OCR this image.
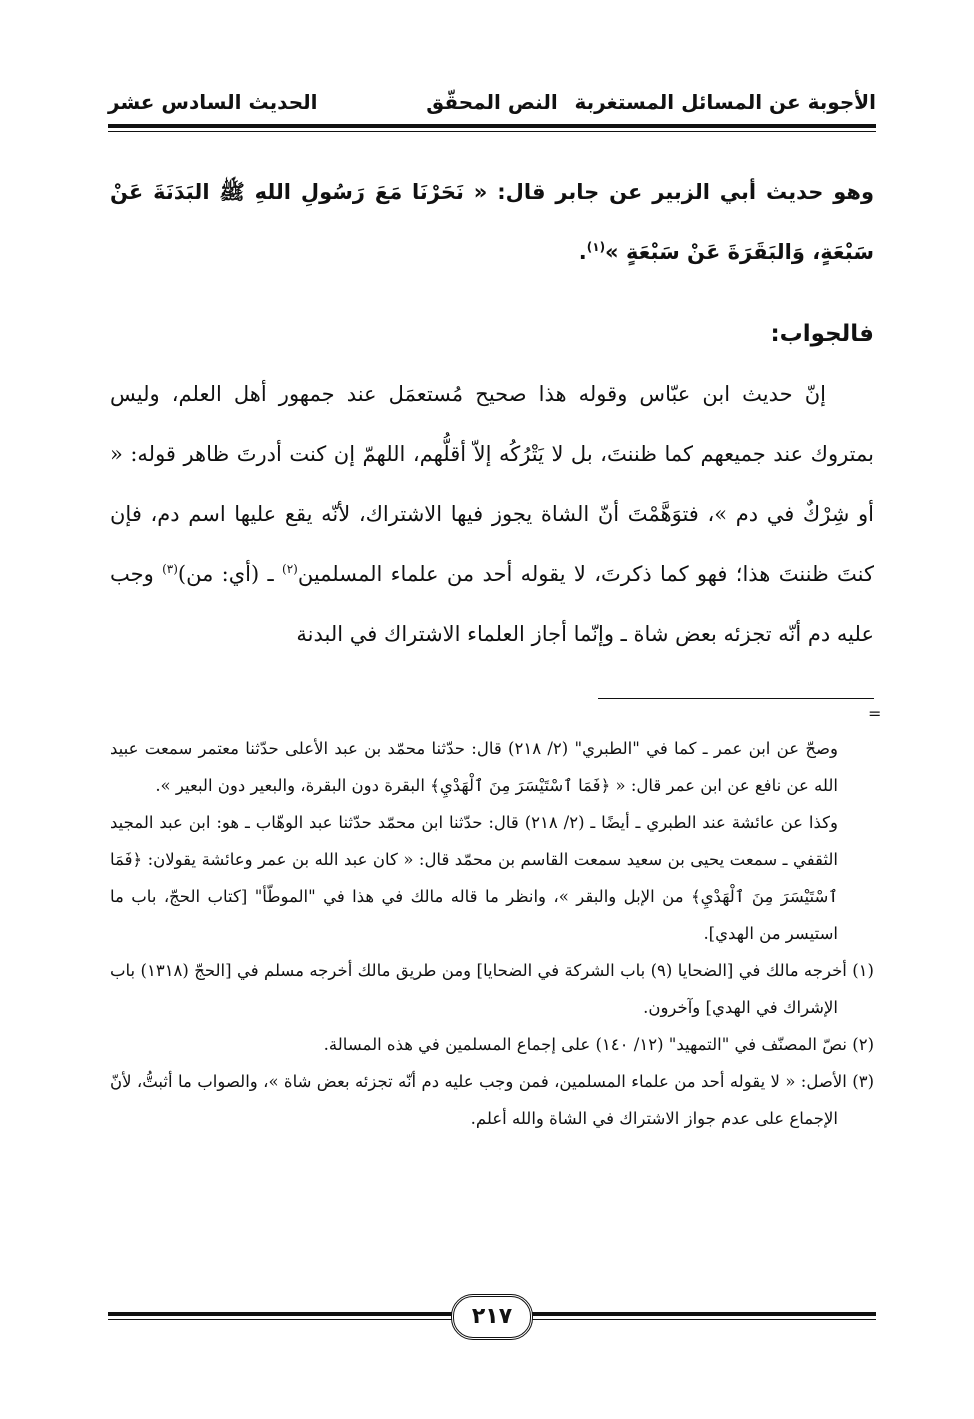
الأجوبة عن المسائل المستغربة
النص المحقّق
الحديث السادس عشر

وهو حديث أبي الزبير عن جابر قال: « نَحَرْنَا مَعَ رَسُولِ اللهِ ﷺ البَدَنَةَ عَنْ سَبْعَةٍ، وَالبَقَرَةَ عَنْ سَبْعَةٍ »$^{(١)}$.

فالجواب:

إنّ حديث ابن عبّاس وقوله هذا صحيح مُستعمَل عند جمهور أهل العلم، وليس بمتروك عند جميعهم كما ظننتَ، بل لا يَتْرُكُه إلاّ أقلُّهم، اللهمّ إن كنت أدرتَ ظاهر قوله: « أو شِرْكٌ في دم »، فتوَهَّمْتَ أنّ الشاة يجوز فيها الاشتراك، لأنّه يقع عليها اسم دم، فإن كنتَ ظننتَ هذا؛ فهو كما ذكرتَ، لا يقوله أحد من علماء المسلمين$^{(٢)}$ ـ (أي: من)$^{(٣)}$ وجب عليه دم أنّه تجزئه بعض شاة ـ وإنّما أجاز العلماء الاشتراك في البدنة

=

وصحّ عن ابن عمر ـ كما في "الطبري" (٢/ ٢١٨) قال: حدّثنا محمّد بن عبد الأعلى حدّثنا معتمر سمعت عبيد الله عن نافع عن ابن عمر قال: « ﴿فَمَا ٱسْتَيْسَرَ مِنَ ٱلْهَدْيِ﴾ البقرة دون البقرة، والبعير دون البعير ».

وكذا عن عائشة عند الطبري ـ أيضًا ـ (٢/ ٢١٨) قال: حدّثنا ابن محمّد حدّثنا عبد الوهّاب ـ هو: ابن عبد المجيد الثقفي ـ سمعت يحيى بن سعيد سمعت القاسم بن محمّد قال: « كان عبد الله بن عمر وعائشة يقولان: ﴿فَمَا ٱسْتَيْسَرَ مِنَ ٱلْهَدْيِ﴾ من الإبل والبقر »، وانظر ما قاله مالك في هذا في "الموطّأ" [كتاب الحجّ، باب ما استيسر من الهدي].

(١) أخرجه مالك في [الضحايا (٩) باب الشركة في الضحايا] ومن طريق مالك أخرجه مسلم في [الحجّ (١٣١٨) باب الإشراك في الهدي] وآخرون.

(٢) نصّ المصنّف في "التمهيد" (١٢/ ١٤٠) على إجماع المسلمين في هذه المسالة.

(٣) الأصل: « لا يقوله أحد من علماء المسلمين، فمن وجب عليه دم أنّه تجزئه بعض شاة »، والصواب ما أثبتُّ، لأنّ الإجماع على عدم جواز الاشتراك في الشاة والله أعلم.

٢١٧
